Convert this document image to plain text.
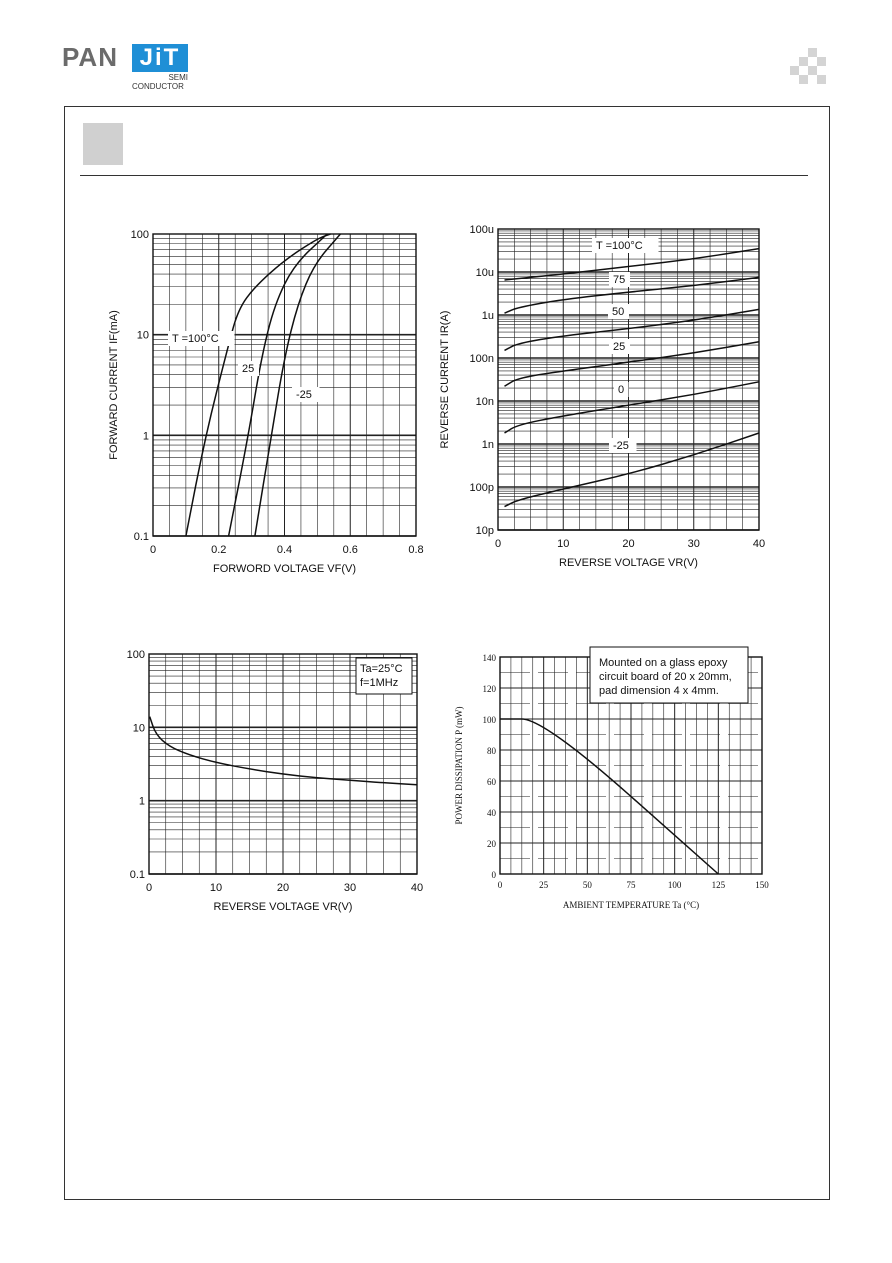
PAN JiT
SEMI
CONDUCTOR
0	0.2	0.4	0.6	0.8
0.1
1
10
100
FORWORD VOLTAGE VF(V)
FORWARD CURRENT IF(mA)	T =100°C
25
-25
0	10	20	30	40
10p
100p
1n
10n
100n
1u
10u
100u
REVERSE VOLTAGE VR(V)
REVERSE CURRENT IR(A)
T =100°C
75
50
25
0
-25
0	10	20	30	40
0.1
1
10
100
REVERSE VOLTAGE VR(V)
Ta=25°C
f=1MHz
0	25	50	75	100	125	150
0
20
40
60
80
100
120
140
AMBIENT TEMPERATURE Ta (°C)
POWER DISSIPATION P (mW)
Mounted on a glass epoxy
circuit board of 20 x 20mm,
pad dimension 4 x 4mm.
